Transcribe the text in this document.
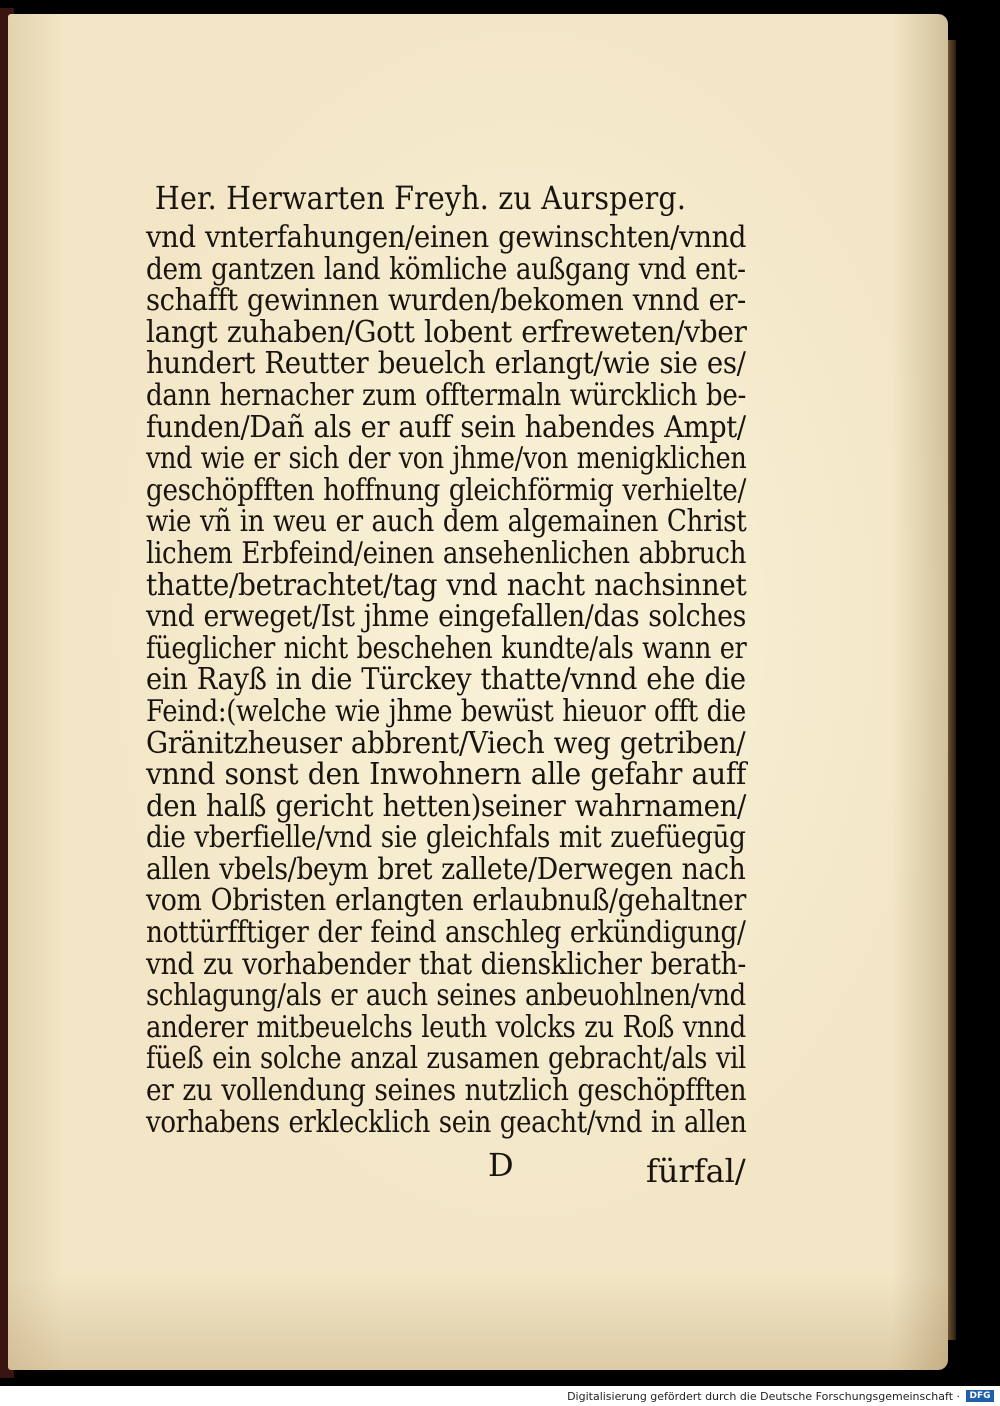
Her. Herwarten Freyh. zu Aursperg.
vnd vnterfahungen/einen gewinschten/vnnd
dem gantzen land kömliche außgang vnd ent-
schafft gewinnen wurden/bekomen vnnd er-
langt zuhaben/Gott lobent erfreweten/vber
hundert Reutter beuelch erlangt/wie sie es/
dann hernacher zum offtermaln würcklich be-
funden/Dañ als er auff sein habendes Ampt/
vnd wie er sich der von jhme/von menigklichen
geschöpfften hoffnung gleichförmig verhielte/
wie vñ in weu er auch dem algemainen Christ
lichem Erbfeind/einen ansehenlichen abbruch
thatte/betrachtet/tag vnd nacht nachsinnet
vnd erweget/Ist jhme eingefallen/das solches
füeglicher nicht beschehen kundte/als wann er
ein Rayß in die Türckey thatte/vnnd ehe die
Feind:(welche wie jhme bewüst hieuor offt die
Gränitzheuser abbrent/Viech weg getriben/
vnnd sonst den Inwohnern alle gefahr auff
den halß gericht hetten)seiner wahrnamen/
die vberfielle/vnd sie gleichfals mit zuefüegūg
allen vbels/beym bret zallete/Derwegen nach
vom Obristen erlangten erlaubnuß/gehaltner
nottürfftiger der feind anschleg erkündigung/
vnd zu vorhabender that diensklicher berath-
schlagung/als er auch seines anbeuohlnen/vnd
anderer mitbeuelchs leuth volcks zu Roß vnnd
füeß ein solche anzal zusamen gebracht/als vil
er zu vollendung seines nutzlich geschöpfften
vorhabens erklecklich sein geacht/vnd in allen
D	fürfal/
Digitalisierung gefördert durch die Deutsche Forschungsgemeinschaft ·	DFG
